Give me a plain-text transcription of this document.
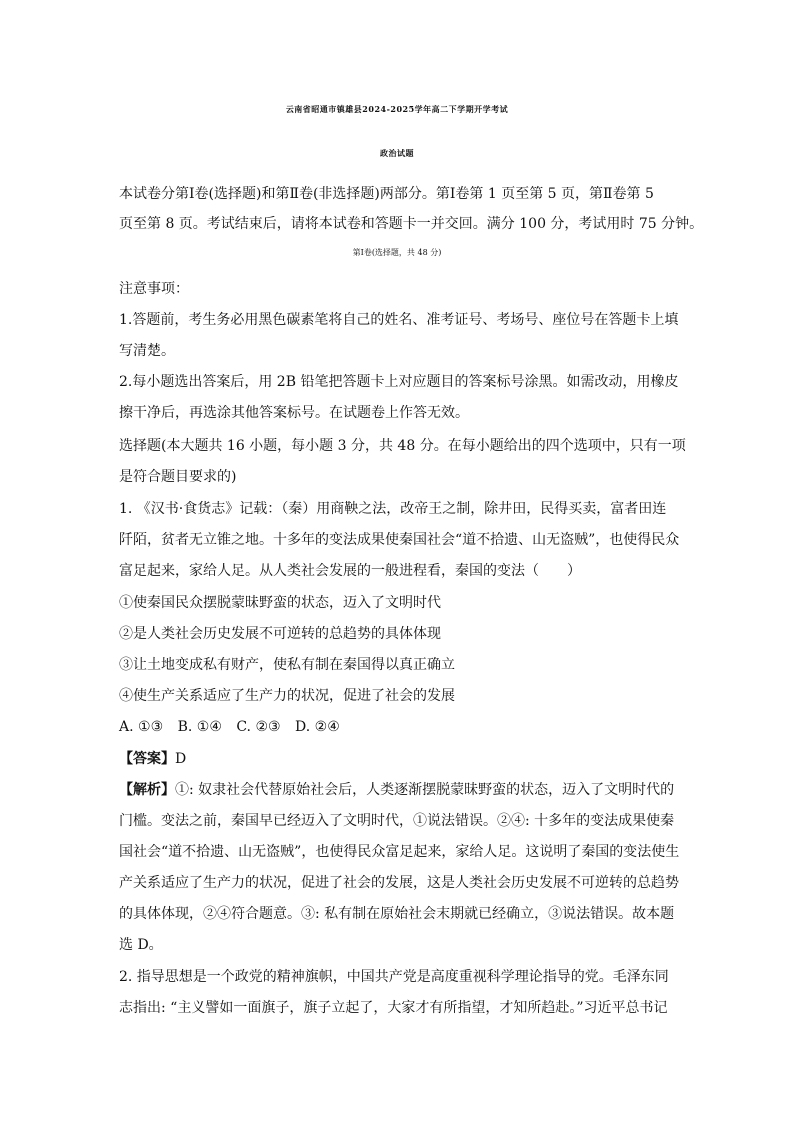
云南省昭通市镇雄县2024-2025学年高二下学期开学考试
政治试题
本试卷分第Ⅰ卷(选择题)和第Ⅱ卷(非选择题)两部分。第Ⅰ卷第 1 页至第 5 页，第Ⅱ卷第 5
页至第 8 页。考试结束后，请将本试卷和答题卡一并交回。满分 100 分，考试用时 75 分钟。
第Ⅰ卷(选择题，共 48 分)
注意事项：
1.答题前，考生务必用黑色碳素笔将自己的姓名、准考证号、考场号、座位号在答题卡上填
写清楚。
2.每小题选出答案后，用 2B 铅笔把答题卡上对应题目的答案标号涂黑。如需改动，用橡皮
擦干净后，再选涂其他答案标号。在试题卷上作答无效。
选择题(本大题共 16 小题，每小题 3 分，共 48 分。在每小题给出的四个选项中，只有一项
是符合题目要求的)
1. 《汉书·食货志》记载：（秦）用商鞅之法，改帝王之制，除井田，民得买卖，富者田连
阡陌，贫者无立锥之地。十多年的变法成果使秦国社会“道不拾遗、山无盗贼”，也使得民众
富足起来，家给人足。从人类社会发展的一般进程看，秦国的变法（　　）
①使秦国民众摆脱蒙昧野蛮的状态，迈入了文明时代
②是人类社会历史发展不可逆转的总趋势的具体体现
③让土地变成私有财产，使私有制在秦国得以真正确立
④使生产关系适应了生产力的状况，促进了社会的发展
A. ①③ B. ①④ C. ②③ D. ②④
【答案】D
【解析】①: 奴隶社会代替原始社会后，人类逐渐摆脱蒙昧野蛮的状态，迈入了文明时代的
门槛。变法之前，秦国早已经迈入了文明时代，①说法错误。②④: 十多年的变法成果使秦
国社会“道不拾遗、山无盗贼”，也使得民众富足起来，家给人足。这说明了秦国的变法使生
产关系适应了生产力的状况，促进了社会的发展，这是人类社会历史发展不可逆转的总趋势
的具体体现，②④符合题意。③: 私有制在原始社会末期就已经确立，③说法错误。故本题
选 D。
2. 指导思想是一个政党的精神旗帜，中国共产党是高度重视科学理论指导的党。毛泽东同
志指出: “主义譬如一面旗子，旗子立起了，大家才有所指望，才知所趋赴。”习近平总书记
